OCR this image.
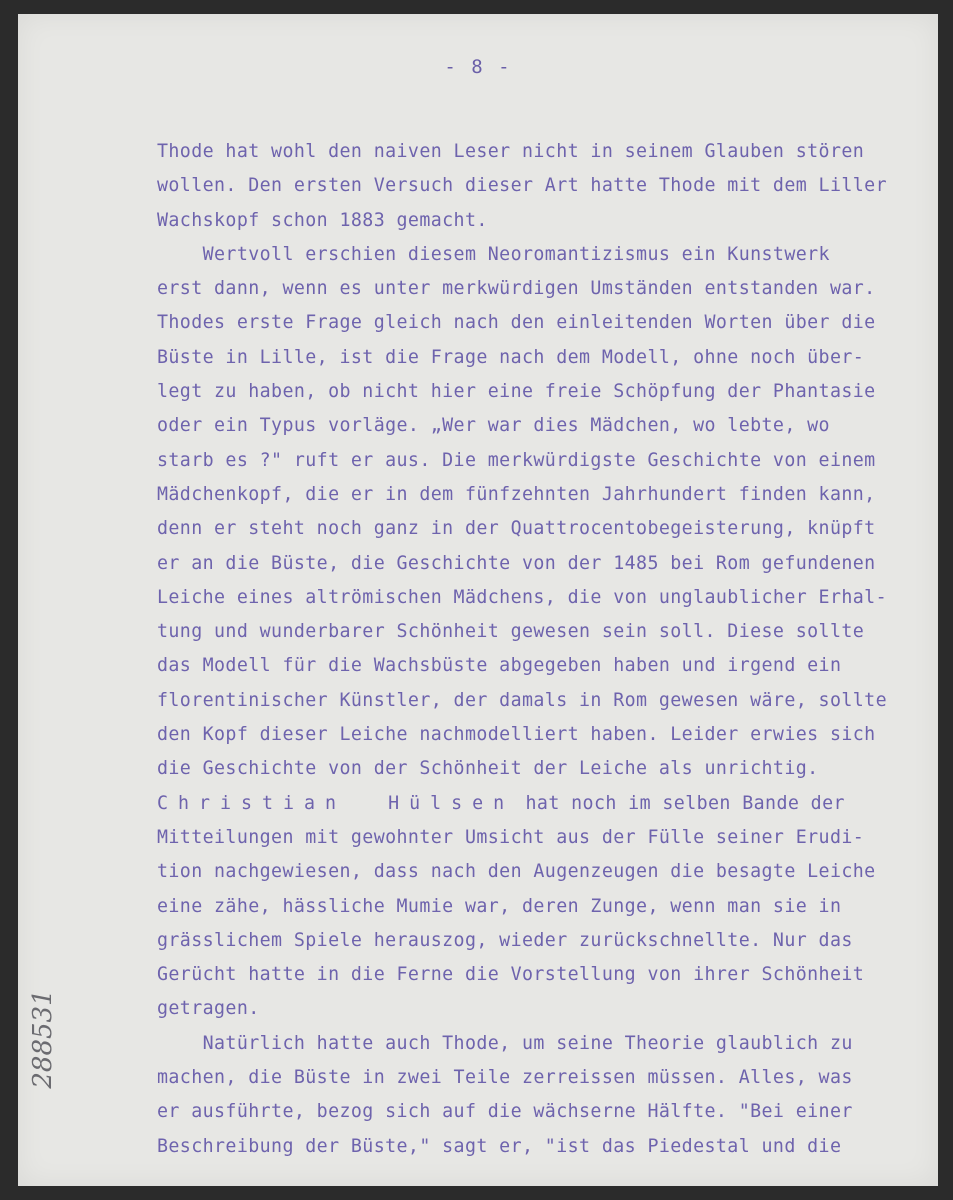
- 8 -
Thode hat wohl den naiven Leser nicht in seinem Glauben stören
wollen. Den ersten Versuch dieser Art hatte Thode mit dem Liller
Wachskopf schon 1883 gemacht.
Wertvoll erschien diesem Neoromantizismus ein Kunstwerk
erst dann, wenn es unter merkwürdigen Umständen entstanden war.
Thodes erste Frage gleich nach den einleitenden Worten über die
Büste in Lille, ist die Frage nach dem Modell, ohne noch über-
legt zu haben, ob nicht hier eine freie Schöpfung der Phantasie
oder ein Typus vorläge. „Wer war dies Mädchen, wo lebte, wo
starb es ?" ruft er aus. Die merkwürdigste Geschichte von einem
Mädchenkopf, die er in dem fünfzehnten Jahrhundert finden kann,
denn er steht noch ganz in der Quattrocentobegeisterung, knüpft
er an die Büste, die Geschichte von der 1485 bei Rom gefundenen
Leiche eines altrömischen Mädchens, die von unglaublicher Erhal-
tung und wunderbarer Schönheit gewesen sein soll. Diese sollte
das Modell für die Wachsbüste abgegeben haben und irgend ein
florentinischer Künstler, der damals in Rom gewesen wäre, sollte
den Kopf dieser Leiche nachmodelliert haben. Leider erwies sich
die Geschichte von der Schönheit der Leiche als unrichtig.
Christian  Hülsen hat noch im selben Bande der
Mitteilungen mit gewohnter Umsicht aus der Fülle seiner Erudi-
tion nachgewiesen, dass nach den Augenzeugen die besagte Leiche
eine zähe, hässliche Mumie war, deren Zunge, wenn man sie in
grässlichem Spiele herauszog, wieder zurückschnellte. Nur das
Gerücht hatte in die Ferne die Vorstellung von ihrer Schönheit
getragen.
Natürlich hatte auch Thode, um seine Theorie glaublich zu
machen, die Büste in zwei Teile zerreissen müssen. Alles, was
er ausführte, bezog sich auf die wächserne Hälfte. "Bei einer
Beschreibung der Büste," sagt er, "ist das Piedestal und die
288531
